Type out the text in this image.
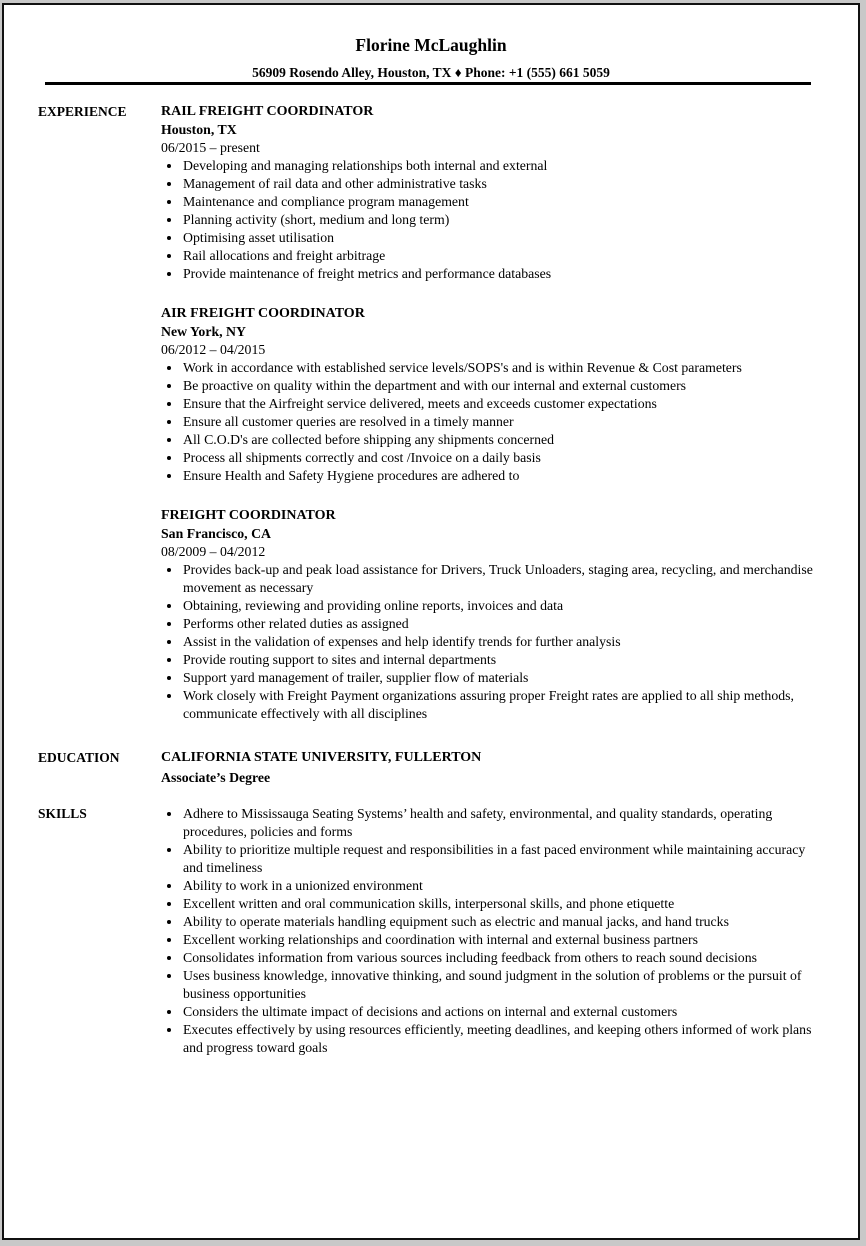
Florine McLaughlin
56909 Rosendo Alley, Houston, TX ♦ Phone: +1 (555) 661 5059
EXPERIENCE RAIL FREIGHT COORDINATOR
Houston, TX
06/2015 – present
Developing and managing relationships both internal and external
Management of rail data and other administrative tasks
Maintenance and compliance program management
Planning activity (short, medium and long term)
Optimising asset utilisation
Rail allocations and freight arbitrage
Provide maintenance of freight metrics and performance databases
AIR FREIGHT COORDINATOR
New York, NY
06/2012 – 04/2015
Work in accordance with established service levels/SOPS's and is within Revenue & Cost parameters
Be proactive on quality within the department and with our internal and external customers
Ensure that the Airfreight service delivered, meets and exceeds customer expectations
Ensure all customer queries are resolved in a timely manner
All C.O.D's are collected before shipping any shipments concerned
Process all shipments correctly and cost /Invoice on a daily basis
Ensure Health and Safety Hygiene procedures are adhered to
FREIGHT COORDINATOR
San Francisco, CA
08/2009 – 04/2012
Provides back-up and peak load assistance for Drivers, Truck Unloaders, staging area, recycling, and merchandise movement as necessary
Obtaining, reviewing and providing online reports, invoices and data
Performs other related duties as assigned
Assist in the validation of expenses and help identify trends for further analysis
Provide routing support to sites and internal departments
Support yard management of trailer, supplier flow of materials
Work closely with Freight Payment organizations assuring proper Freight rates are applied to all ship methods, communicate effectively with all disciplines
EDUCATION	CALIFORNIA STATE UNIVERSITY, FULLERTON
Associate’s Degree
SKILLS	Adhere to Mississauga Seating Systems’ health and safety, environmental, and quality standards, operating procedures, policies and forms
Ability to prioritize multiple request and responsibilities in a fast paced environment while maintaining accuracy and timeliness
Ability to work in a unionized environment
Excellent written and oral communication skills, interpersonal skills, and phone etiquette
Ability to operate materials handling equipment such as electric and manual jacks, and hand trucks
Excellent working relationships and coordination with internal and external business partners
Consolidates information from various sources including feedback from others to reach sound decisions
Uses business knowledge, innovative thinking, and sound judgment in the solution of problems or the pursuit of business opportunities
Considers the ultimate impact of decisions and actions on internal and external customers
Executes effectively by using resources efficiently, meeting deadlines, and keeping others informed of work plans and progress toward goals
